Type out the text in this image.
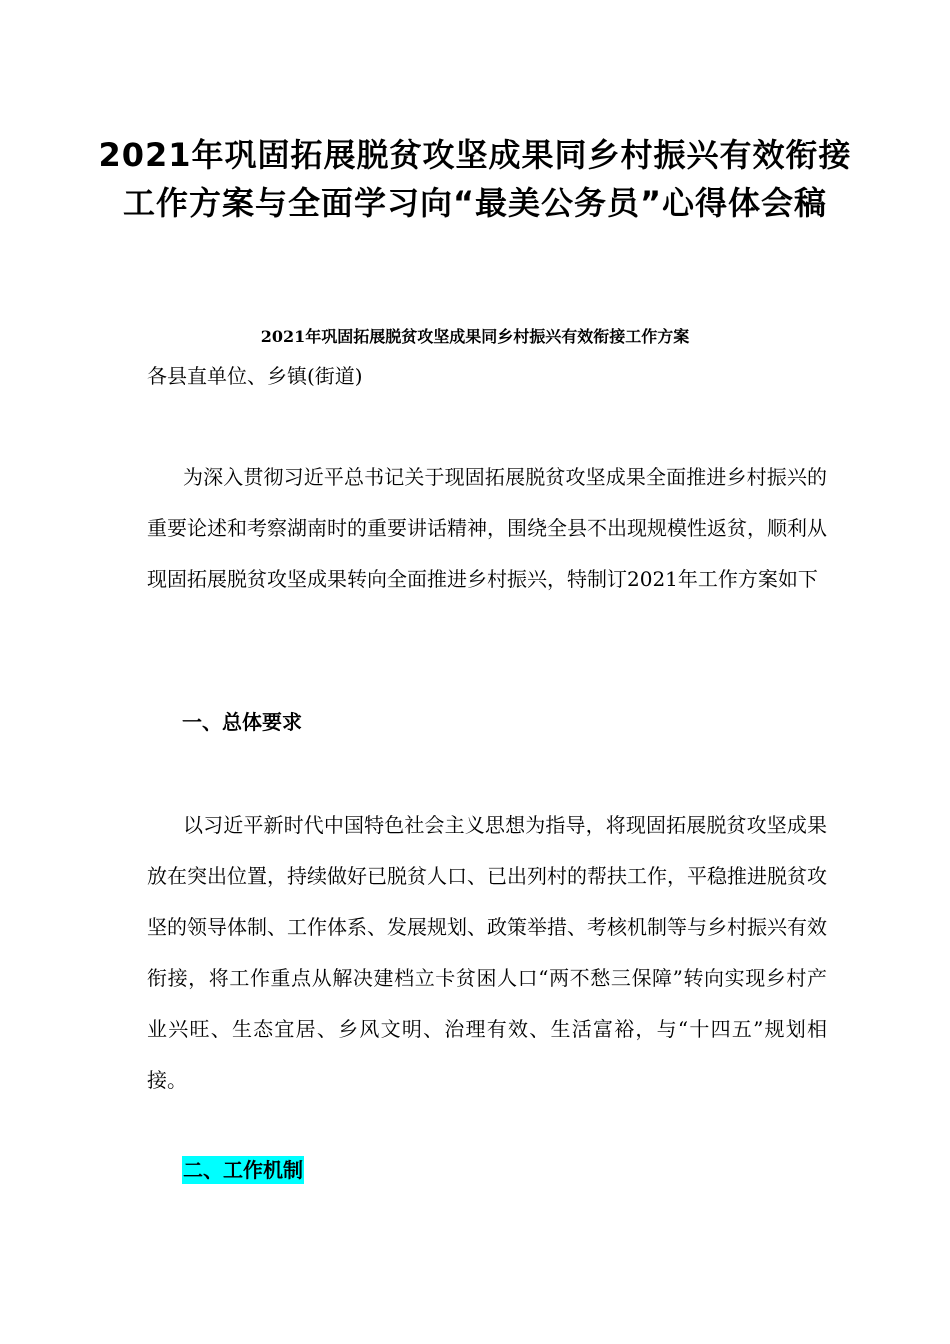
2021年巩固拓展脱贫攻坚成果同乡村振兴有效衔接
工作方案与全面学习向“最美公务员”心得体会稿
2021年巩固拓展脱贫攻坚成果同乡村振兴有效衔接工作方案
各县直单位、乡镇(街道)

为深入贯彻习近平总书记关于现固拓展脱贫攻坚成果全面推进乡村振兴的重要论述和考察湖南时的重要讲话精神，围绕全县不出现规模性返贫，顺利从现固拓展脱贫攻坚成果转向全面推进乡村振兴，特制订2021年工作方案如下

一、总体要求

以习近平新时代中国特色社会主义思想为指导，将现固拓展脱贫攻坚成果放在突出位置，持续做好已脱贫人口、已出列村的帮扶工作，平稳推进脱贫攻坚的领导体制、工作体系、发展规划、政策举措、考核机制等与乡村振兴有效衔接，将工作重点从解决建档立卡贫困人口“两不愁三保障”转向实现乡村产业兴旺、生态宜居、乡风文明、治理有效、生活富裕，与“十四五”规划相接。

二、工作机制
